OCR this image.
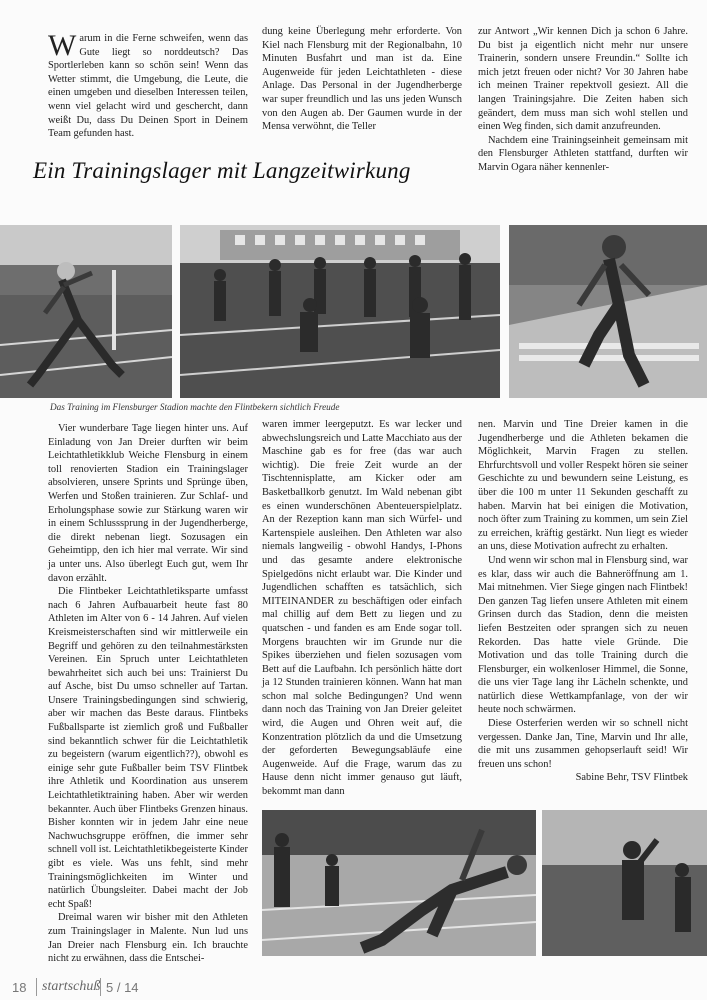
Warum in die Ferne schweifen, wenn das Gute liegt so norddeutsch? Das Sportlerleben kann so schön sein! Wenn das Wetter stimmt, die Umgebung, die Leute, die einen umgeben und dieselben Interessen teilen, wenn viel gelacht wird und geschercht, dann weißt Du, dass Du Deinen Sport in Deinem Team gefunden hast.

dung keine Überlegung mehr erforderte. Von Kiel nach Flensburg mit der Regionalbahn, 10 Minuten Busfahrt und man ist da. Eine Augenweide für jeden Leichtathleten - diese Anlage. Das Personal in der Jugendherberge war super freundlich und las uns jeden Wunsch von den Augen ab. Der Gaumen wurde in der Mensa verwöhnt, die Teller

zur Antwort „Wir kennen Dich ja schon 6 Jahre. Du bist ja eigentlich nicht mehr nur unsere Trainerin, sondern unsere Freundin.“ Sollte ich mich jetzt freuen oder nicht? Vor 30 Jahren habe ich meinen Trainer repektvoll gesiezt. All die langen Trainingsjahre. Die Zeiten haben sich geändert, dem muss man sich wohl stellen und einen Weg finden, sich damit anzufreunden.

Nachdem eine Trainingseinheit gemeinsam mit den Flensburger Athleten stattfand, durften wir Marvin Ogara näher kennenler-

Ein Trainingslager mit Langzeitwirkung
Das Training im Flensburger Stadion machte den Flintbekern sichtlich Freude

Vier wunderbare Tage liegen hinter uns. Auf Einladung von Jan Dreier durften wir beim Leichtathletikklub Weiche Flensburg in einem toll renovierten Stadion ein Trainingslager absolvieren, unsere Sprints und Sprünge üben, Werfen und Stoßen trainieren. Zur Schlaf- und Erholungsphase sowie zur Stärkung waren wir in einem Schlusssprung in der Jugendherberge, die direkt nebenan liegt. Sozusagen ein Geheimtipp, den ich hier mal verrate. Wir sind ja unter uns. Also überlegt Euch gut, wem Ihr davon erzählt.

Die Flintbeker Leichtathletiksparte umfasst nach 6 Jahren Aufbauarbeit heute fast 80 Athleten im Alter von 6 - 14 Jahren. Auf vielen Kreismeisterschaften sind wir mittlerweile ein Begriff und gehören zu den teilnahmestärksten Vereinen. Ein Spruch unter Leichtathleten bewahrheitet sich auch bei uns: Trainierst Du auf Asche, bist Du umso schneller auf Tartan. Unsere Trainingsbedingungen sind schwierig, aber wir machen das Beste daraus. Flintbeks Fußballsparte ist ziemlich groß und Fußballer sind bekanntlich schwer für die Leichtathletik zu begeistern (warum eigentlich??), obwohl es einige sehr gute Fußballer beim TSV Flintbek ihre Athletik und Koordination aus unserem Leichtathletiktraining haben. Aber wir werden bekannter. Auch über Flintbeks Grenzen hinaus. Bisher konnten wir in jedem Jahr eine neue Nachwuchsgruppe eröffnen, die immer sehr schnell voll ist. Leichtathletikbegeisterte Kinder gibt es viele. Was uns fehlt, sind mehr Trainingsmöglichkeiten im Winter und natürlich Übungsleiter. Dabei macht der Job echt Spaß!

Dreimal waren wir bisher mit den Athleten zum Trainingslager in Malente. Nun lud uns Jan Dreier nach Flensburg ein. Ich brauchte nicht zu erwähnen, dass die Entschei-

waren immer leergeputzt. Es war lecker und abwechslungsreich und Latte Macchiato aus der Maschine gab es for free (das war auch wichtig). Die freie Zeit wurde an der Tischtennisplatte, am Kicker oder am Basketballkorb genutzt. Im Wald nebenan gibt es einen wunderschönen Abenteuerspielplatz. An der Rezeption kann man sich Würfel- und Kartenspiele ausleihen. Den Athleten war also niemals langweilig - obwohl Handys, I-Phons und das gesamte andere elektronische Spielgedöns nicht erlaubt war. Die Kinder und Jugendlichen schafften es tatsächlich, sich MITEINANDER zu beschäftigen oder einfach mal chillig auf dem Bett zu liegen und zu quatschen - und fanden es am Ende sogar toll. Morgens brauchten wir im Grunde nur die Spikes überziehen und fielen sozusagen vom Bett auf die Laufbahn. Ich persönlich hätte dort ja 12 Stunden trainieren können. Wann hat man schon mal solche Bedingungen? Und wenn dann noch das Training von Jan Dreier geleitet wird, die Augen und Ohren weit auf, die Konzentration plötzlich da und die Umsetzung der geforderten Bewegungsabläufe eine Augenweide. Auf die Frage, warum das zu Hause denn nicht immer genauso gut läuft, bekommt man dann

nen. Marvin und Tine Dreier kamen in die Jugendherberge und die Athleten bekamen die Möglichkeit, Marvin Fragen zu stellen. Ehrfurchtsvoll und voller Respekt hören sie seiner Geschichte zu und bewundern seine Leistung, es über die 100 m unter 11 Sekunden geschafft zu haben. Marvin hat bei einigen die Motivation, noch öfter zum Training zu kommen, um sein Ziel zu erreichen, kräftig gestärkt. Nun liegt es wieder an uns, diese Motivation aufrecht zu erhalten.

Und wenn wir schon mal in Flensburg sind, war es klar, dass wir auch die Bahneröffnung am 1. Mai mitnehmen. Vier Siege gingen nach Flintbek! Den ganzen Tag liefen unsere Athleten mit einem Grinsen durch das Stadion, denn die meisten liefen Bestzeiten oder sprangen sich zu neuen Rekorden. Das hatte viele Gründe. Die Motivation und das tolle Training durch die Flensburger, ein wolkenloser Himmel, die Sonne, die uns vier Tage lang ihr Lächeln schenkte, und natürlich diese Wettkampfanlage, von der wir heute noch schwärmen.

Diese Osterferien werden wir so schnell nicht vergessen. Danke Jan, Tine, Marvin und Ihr alle, die mit uns zusammen gehopserlauft seid! Wir freuen uns schon!

Sabine Behr, TSV Flintbek

18 startschuß 5 / 14
